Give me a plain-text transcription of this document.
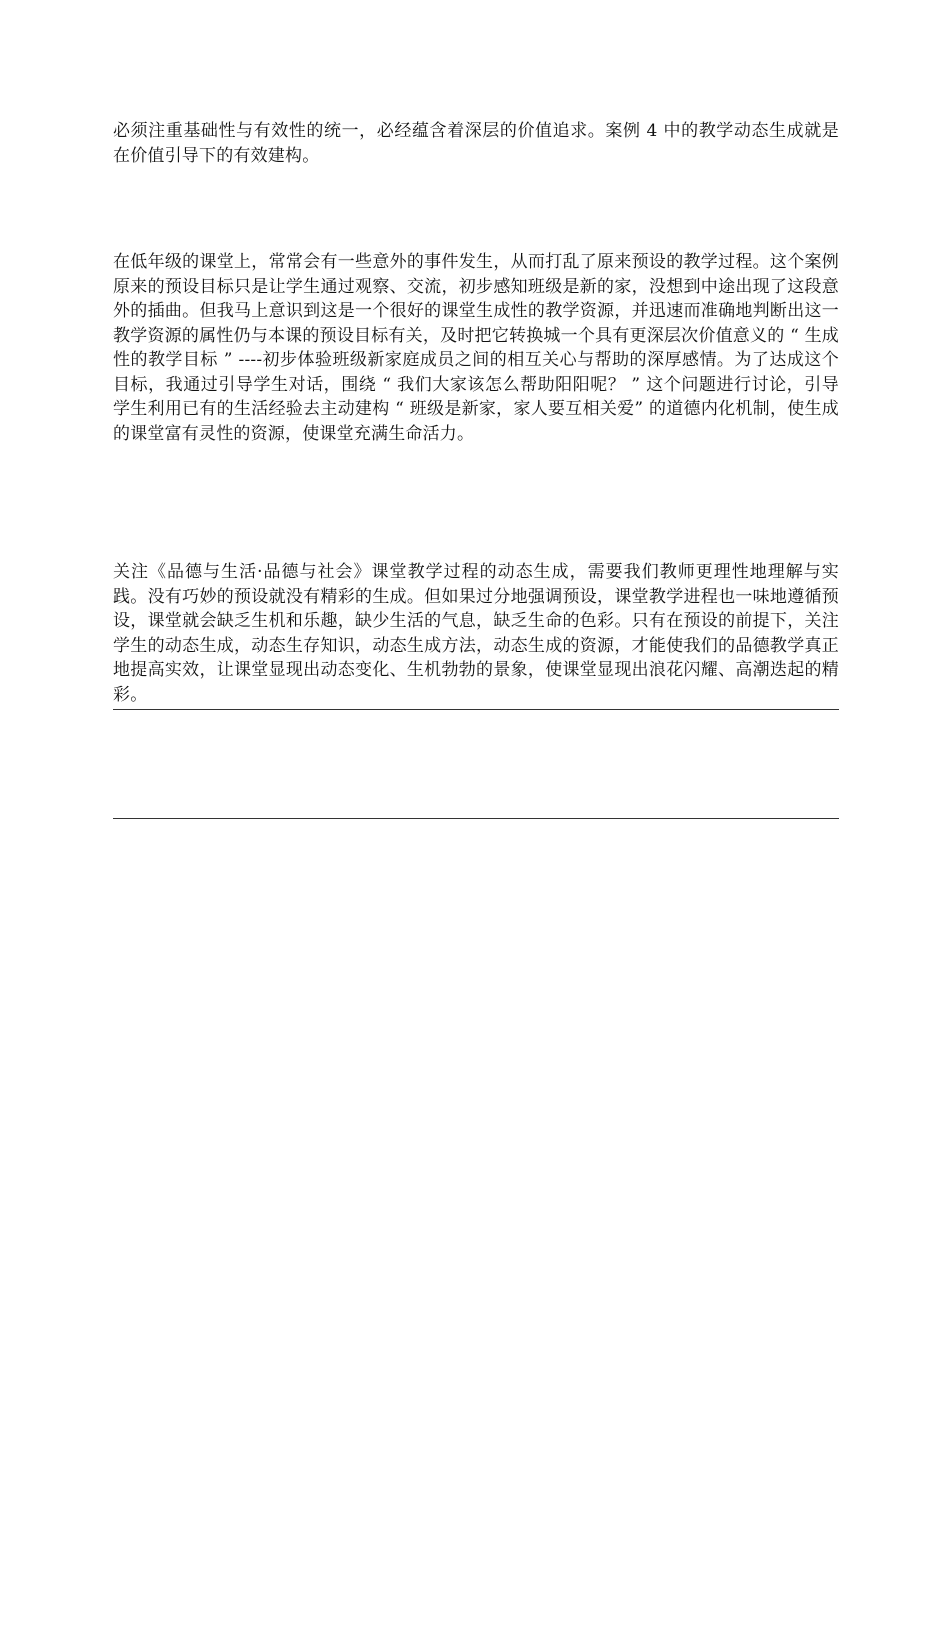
必须注重基础性与有效性的统一，必经蕴含着深层的价值追求。案例 4 中的教学动态生成就是在价值引导下的有效建构。

在低年级的课堂上，常常会有一些意外的事件发生，从而打乱了原来预设的教学过程。这个案例原来的预设目标只是让学生通过观察、交流，初步感知班级是新的家，没想到中途出现了这段意外的插曲。但我马上意识到这是一个很好的课堂生成性的教学资源，并迅速而准确地判断出这一教学资源的属性仍与本课的预设目标有关，及时把它转换城一个具有更深层次价值意义的 “ 生成性的教学目标 ” ----初步体验班级新家庭成员之间的相互关心与帮助的深厚感情。为了达成这个目标，我通过引导学生对话，围绕 “ 我们大家该怎么帮助阳阳呢？ ” 这个问题进行讨论，引导学生利用已有的生活经验去主动建构 “ 班级是新家，家人要互相关爱” 的道德内化机制，使生成的课堂富有灵性的资源，使课堂充满生命活力。

关注《品德与生活·品德与社会》课堂教学过程的动态生成，需要我们教师更理性地理解与实践。没有巧妙的预设就没有精彩的生成。但如果过分地强调预设，课堂教学进程也一味地遵循预设，课堂就会缺乏生机和乐趣，缺少生活的气息，缺乏生命的色彩。只有在预设的前提下，关注学生的动态生成，动态生存知识，动态生成方法，动态生成的资源，才能使我们的品德教学真正地提高实效，让课堂显现出动态变化、生机勃勃的景象，使课堂显现出浪花闪耀、高潮迭起的精彩。
